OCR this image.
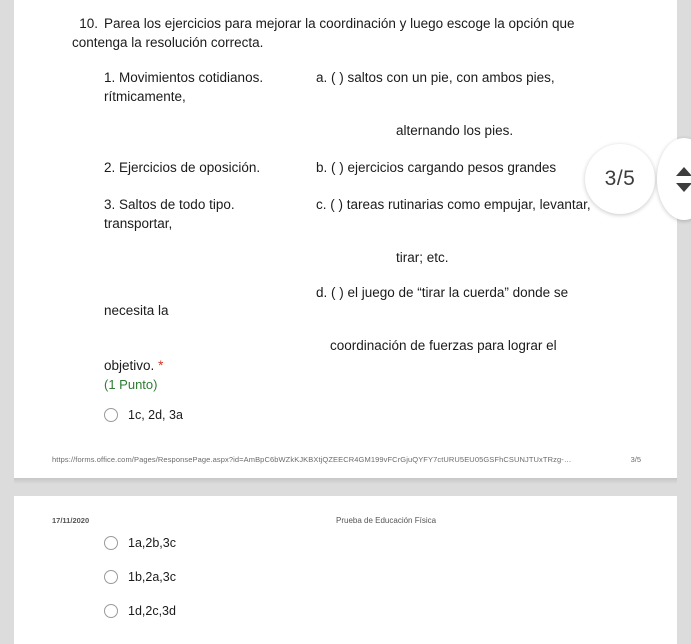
10. Parea los ejercicios para mejorar la coordinación y luego escoge la opción que contenga la resolución correcta.
1. Movimientos cotidianos.
rítmicamente,
2. Ejercicios de oposición.
3. Saltos de todo tipo.
transportar,
necesita la
a. ( ) saltos con un pie, con ambos pies,
alternando los pies.
b. ( ) ejercicios cargando pesos grandes
c. ( ) tareas rutinarias como empujar, levantar,
tirar; etc.
d. ( ) el juego de “tirar la cuerda” donde se
coordinación de fuerzas para lograr el
objetivo. *
(1 Punto)
1c, 2d, 3a
https://forms.office.com/Pages/ResponsePage.aspx?id=AmBpC6bWZkKJKBXtjQZEECR4GM199vFCrGjuQYFY7ctURU5EU05GSFhCSUNJTUxTRzg-…	3/5
17/11/2020	Prueba de Educación Física
1a,2b,3c
1b,2a,3c
1d,2c,3d
3/5
